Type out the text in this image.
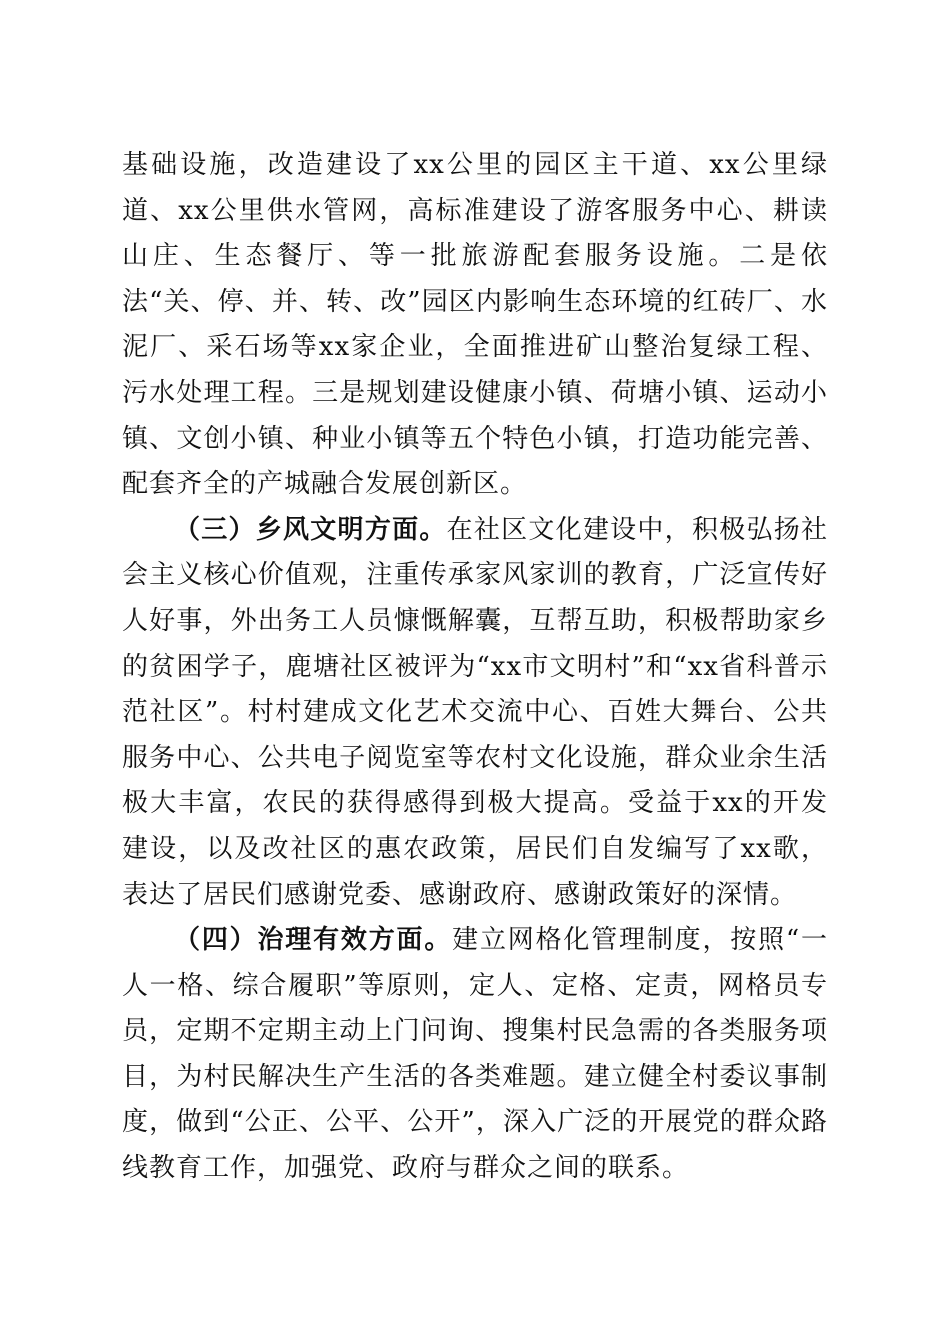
基础设施，改造建设了xx公里的园区主干道、xx公里绿道、xx公里供水管网，高标准建设了游客服务中心、耕读山庄、生态餐厅、等一批旅游配套服务设施。二是依法“关、停、并、转、改”园区内影响生态环境的红砖厂、水泥厂、采石场等xx家企业，全面推进矿山整治复绿工程、污水处理工程。三是规划建设健康小镇、荷塘小镇、运动小镇、文创小镇、种业小镇等五个特色小镇，打造功能完善、配套齐全的产城融合发展创新区。

（三）乡风文明方面。在社区文化建设中，积极弘扬社会主义核心价值观，注重传承家风家训的教育，广泛宣传好人好事，外出务工人员慷慨解囊，互帮互助，积极帮助家乡的贫困学子，鹿塘社区被评为“xx市文明村”和“xx省科普示范社区”。村村建成文化艺术交流中心、百姓大舞台、公共服务中心、公共电子阅览室等农村文化设施，群众业余生活极大丰富，农民的获得感得到极大提高。受益于xx的开发建设，以及改社区的惠农政策，居民们自发编写了xx歌，表达了居民们感谢党委、感谢政府、感谢政策好的深情。

（四）治理有效方面。建立网格化管理制度，按照“一人一格、综合履职”等原则，定人、定格、定责，网格员专员，定期不定期主动上门问询、搜集村民急需的各类服务项目，为村民解决生产生活的各类难题。建立健全村委议事制度，做到“公正、公平、公开”，深入广泛的开展党的群众路线教育工作，加强党、政府与群众之间的联系。
